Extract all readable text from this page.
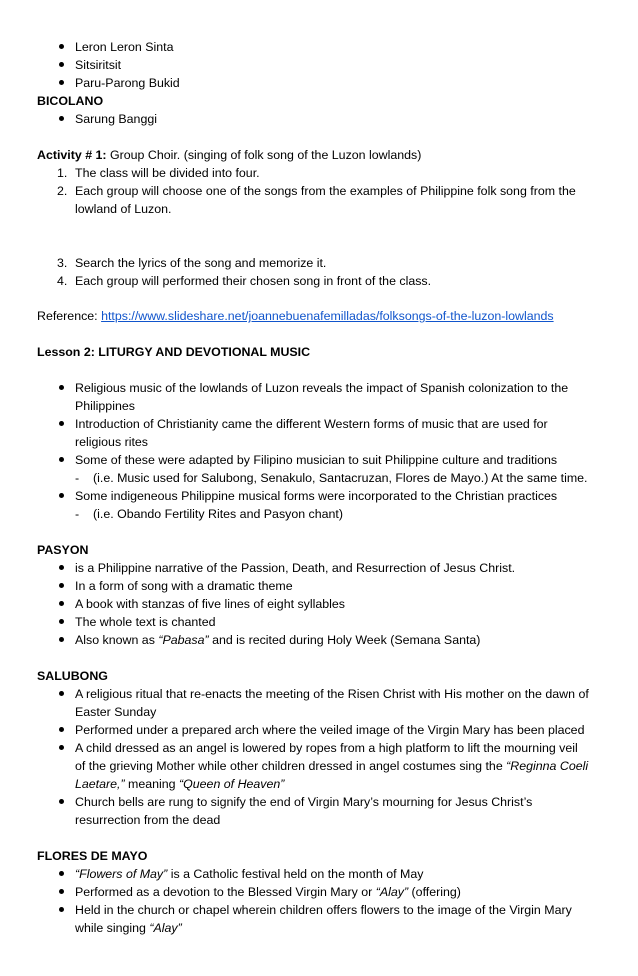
Leron Leron Sinta
Sitsiritsit
Paru-Parong Bukid
BICOLANO
Sarung Banggi
Activity # 1: Group Choir. (singing of folk song of the Luzon lowlands)
1. The class will be divided into four.
2. Each group will choose one of the songs from the examples of Philippine folk song from the
lowland of Luzon.
3. Search the lyrics of the song and memorize it.
4. Each group will performed their chosen song in front of the class.
Reference: https://www.slideshare.net/joannebuenafemilladas/folksongs-of-the-luzon-lowlands
Lesson 2: LITURGY AND DEVOTIONAL MUSIC
Religious music of the lowlands of Luzon reveals the impact of Spanish colonization to the
Philippines
Introduction of Christianity came the different Western forms of music that are used for
religious rites
Some of these were adapted by Filipino musician to suit Philippine culture and traditions
- (i.e. Music used for Salubong, Senakulo, Santacruzan, Flores de Mayo.) At the same time.
Some indigeneous Philippine musical forms were incorporated to the Christian practices
- (i.e. Obando Fertility Rites and Pasyon chant)
PASYON
is a Philippine narrative of the Passion, Death, and Resurrection of Jesus Christ.
In a form of song with a dramatic theme
A book with stanzas of five lines of eight syllables
The whole text is chanted
Also known as “Pabasa” and is recited during Holy Week (Semana Santa)
SALUBONG
A religious ritual that re-enacts the meeting of the Risen Christ with His mother on the dawn of
Easter Sunday
Performed under a prepared arch where the veiled image of the Virgin Mary has been placed
A child dressed as an angel is lowered by ropes from a high platform to lift the mourning veil
of the grieving Mother while other children dressed in angel costumes sing the “Reginna Coeli
Laetare,” meaning “Queen of Heaven”
Church bells are rung to signify the end of Virgin Mary’s mourning for Jesus Christ’s
resurrection from the dead
FLORES DE MAYO
“Flowers of May” is a Catholic festival held on the month of May
Performed as a devotion to the Blessed Virgin Mary or “Alay” (offering)
Held in the church or chapel wherein children offers flowers to the image of the Virgin Mary
while singing “Alay”
